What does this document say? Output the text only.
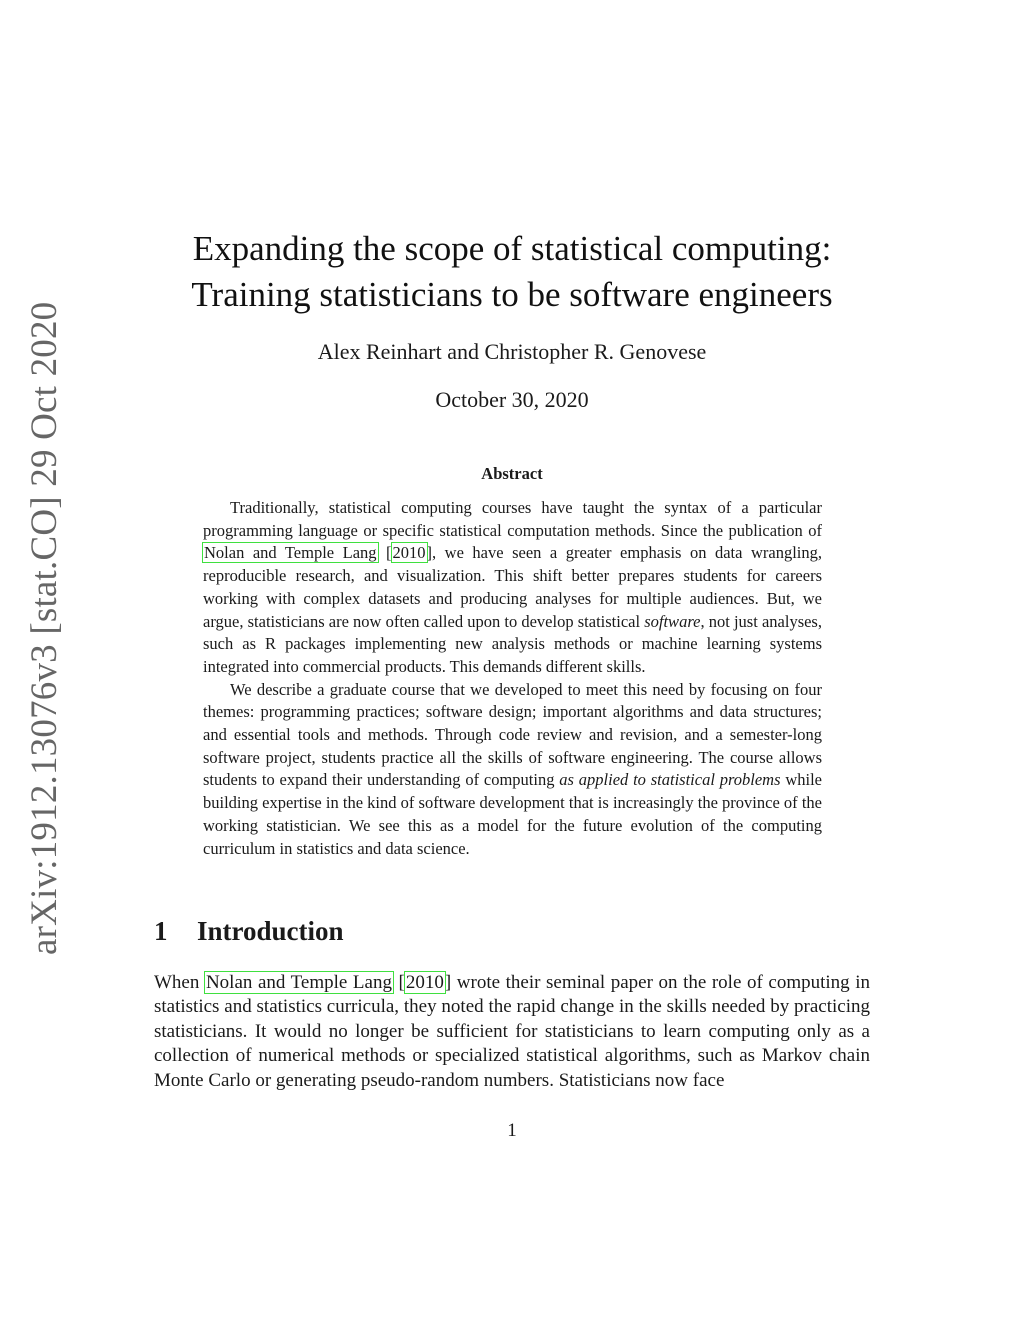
arXiv:1912.13076v3 [stat.CO] 29 Oct 2020
Expanding the scope of statistical computing:
Training statisticians to be software engineers
Alex Reinhart and Christopher R. Genovese
October 30, 2020
Abstract

Traditionally, statistical computing courses have taught the syntax of a particular programming language or specific statistical computation methods. Since the publication of Nolan and Temple Lang [2010], we have seen a greater emphasis on data wrangling, reproducible research, and visualization. This shift better prepares students for careers working with complex datasets and producing analyses for multiple audiences. But, we argue, statisticians are now often called upon to develop statistical software, not just analyses, such as R packages implementing new analysis methods or machine learning systems integrated into commercial products. This demands different skills.

We describe a graduate course that we developed to meet this need by focusing on four themes: programming practices; software design; important algorithms and data structures; and essential tools and methods. Through code review and revision, and a semester-long software project, students practice all the skills of software engineering. The course allows students to expand their understanding of computing as applied to statistical problems while building expertise in the kind of software development that is increasingly the province of the working statistician. We see this as a model for the future evolution of the computing curriculum in statistics and data science.

1 Introduction

When Nolan and Temple Lang [2010] wrote their seminal paper on the role of computing in statistics and statistics curricula, they noted the rapid change in the skills needed by practicing statisticians. It would no longer be sufficient for statisticians to learn computing only as a collection of numerical methods or specialized statistical algorithms, such as Markov chain Monte Carlo or generating pseudo-random numbers. Statisticians now face

1
